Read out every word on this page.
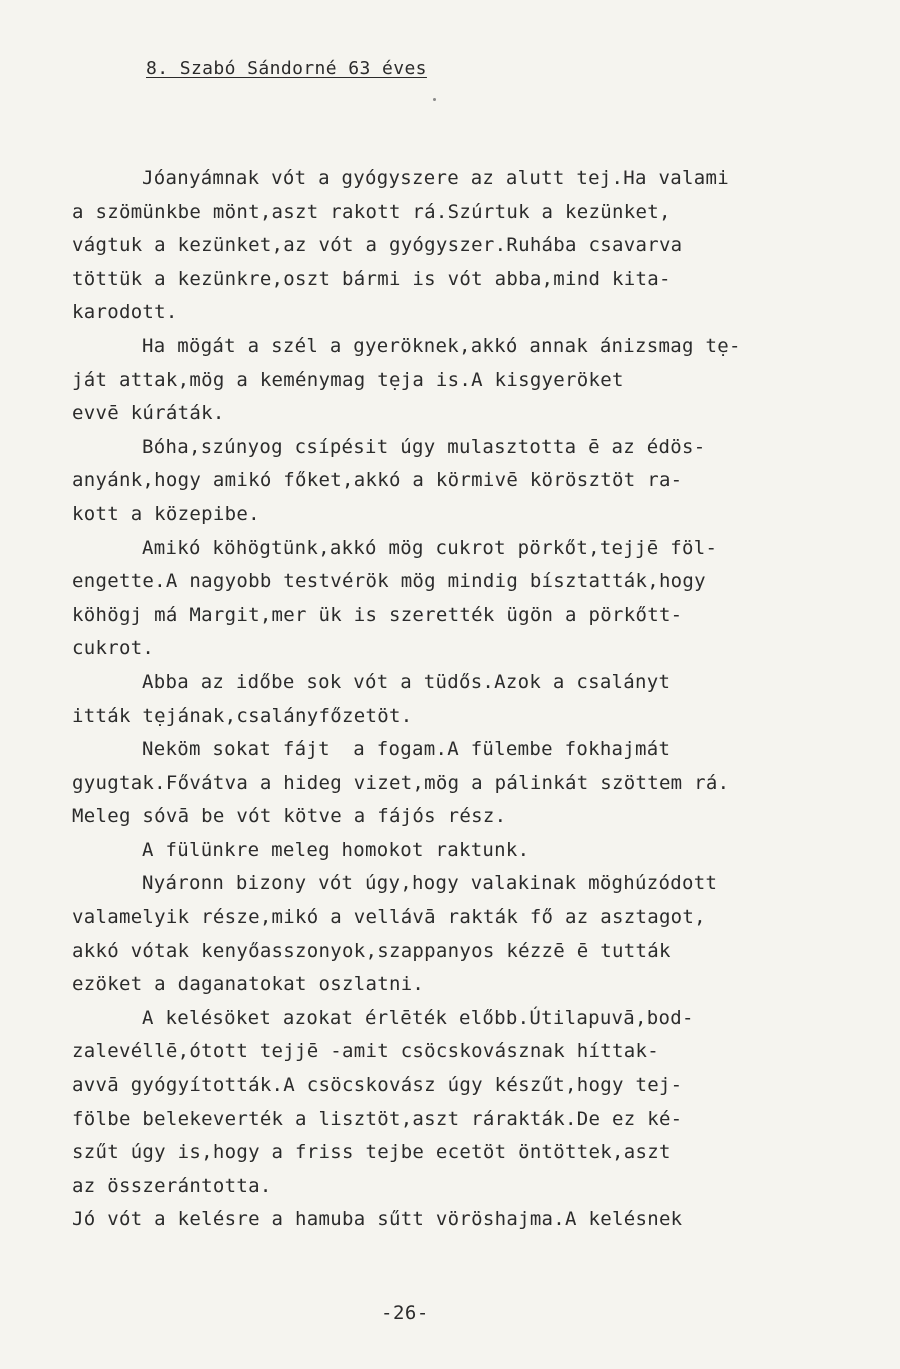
8. Szabó Sándorné 63 éves
Jóanyámnak vót a gyógyszere az alutt tej.Ha valami
a szömünkbe mönt,aszt rakott rá.Szúrtuk a kezünket,
vágtuk a kezünket,az vót a gyógyszer.Ruhába csavarva
töttük a kezünkre,oszt bármi is vót abba,mind kita-
karodott.
Ha mögát a szél a gyeröknek,akkó annak ánizsmag tẹ-
ját attak,mög a keménymag tẹja is.A kisgyeröket
evvē kúráták.
Bóha,szúnyog csípésit úgy mulasztotta ē az édös-
anyánk,hogy amikó főket,akkó a körmivē körösztöt rа-
kott a közepibe.
Amikó köhögtünk,akkó mög cukrot pörkőt,tejjē föl-
engette.A nagyobb testvérök mög mindig bísztatták,hogy
köhögj má Margit,mer ük is szerették ügön a pörkőtt-
cukrot.
Abba az időbe sok vót a tüdős.Azok a csalányt
itták tẹjának,csalányfőzetöt.
Neköm sokat fájt  a fogam.A fülembe fokhajmát
gyugtak.Fővátva a hideg vizet,mög a pálinkát szöttem rá.
Meleg sóvā be vót kötve a fájós rész.
A fülünkre meleg homokot raktunk.
Nyáronn bizony vót úgy,hogy valakinak möghúzódott
valamelyik része,mikó a vellávā rakták fő az asztagot,
akkó vótak kenyőasszonyok,szappanyos kézzē ē tutták
ezöket a daganatokat oszlatni.
A kelésöket azokat érlēték előbb.Útilapuvā,bod-
zalevéllē,ótott tejjē -amit csöcskovásznak híttak-
avvā gyógyították.A csöcskovász úgy készűt,hogy tej-
fölbe belekeverték a lisztöt,aszt rárakták.De ez ké-
szűt úgy is,hogy a friss tejbe ecetöt öntöttek,aszt
az összerántotta.
Jó vót a kelésre a hamuba sűtt vöröshajma.A kelésnek
-26-
